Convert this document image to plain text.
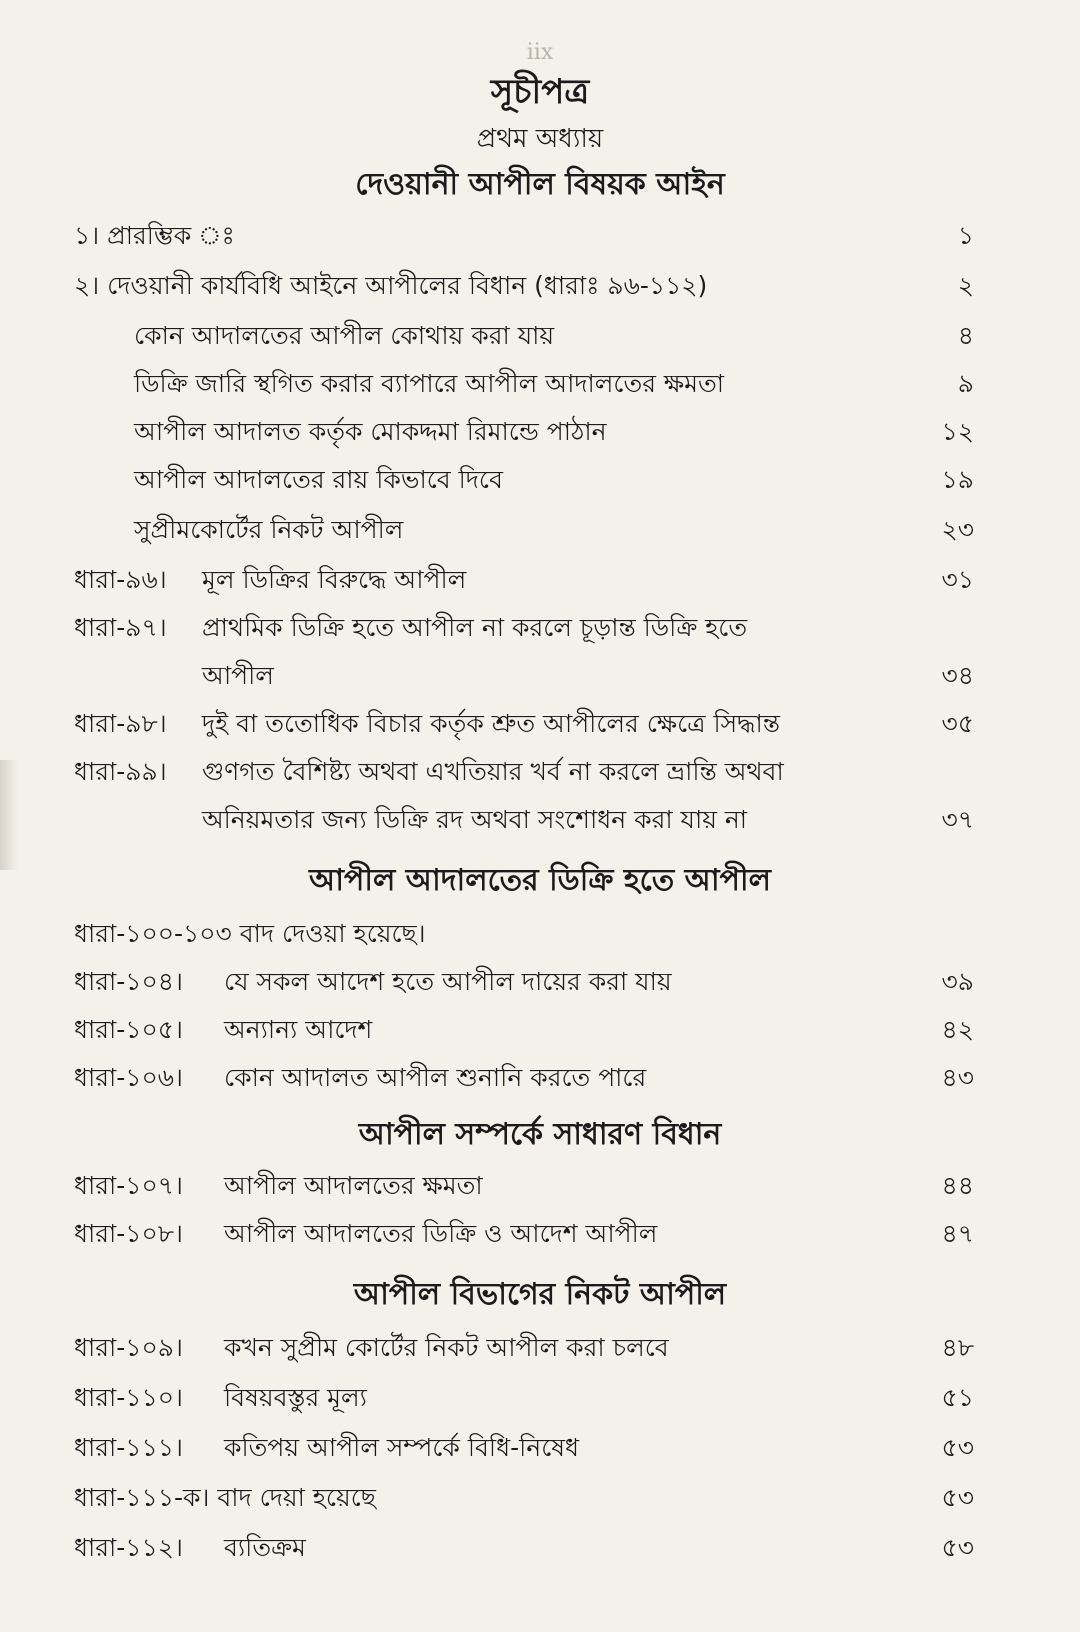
iix
সূচীপত্র
প্রথম অধ্যায়
দেওয়ানী আপীল বিষয়ক আইন
১। প্রারম্ভিক ঃ	১
২। দেওয়ানী কার্যবিধি আইনে আপীলের বিধান (ধারাঃ ৯৬-১১২)	২
কোন আদালতের আপীল কোথায় করা যায়	৪
ডিক্রি জারি স্থগিত করার ব্যাপারে আপীল আদালতের ক্ষমতা	৯
আপীল আদালত কর্তৃক মোকদ্দমা রিমান্ডে পাঠান	১২
আপীল আদালতের রায় কিভাবে দিবে	১৯
সুপ্রীমকোর্টের নিকট আপীল	২৩
ধারা-৯৬। মূল ডিক্রির বিরুদ্ধে আপীল	৩১
ধারা-৯৭। প্রাথমিক ডিক্রি হতে আপীল না করলে চূড়ান্ত ডিক্রি হতে
আপীল	৩৪
ধারা-৯৮। দুই বা ততোধিক বিচার কর্তৃক শ্রুত আপীলের ক্ষেত্রে সিদ্ধান্ত	৩৫
ধারা-৯৯। গুণগত বৈশিষ্ট্য অথবা এখতিয়ার খর্ব না করলে ভ্রান্তি অথবা
অনিয়মতার জন্য ডিক্রি রদ অথবা সংশোধন করা যায় না	৩৭
আপীল আদালতের ডিক্রি হতে আপীল
ধারা-১০০-১০৩ বাদ দেওয়া হয়েছে।
ধারা-১০৪। যে সকল আদেশ হতে আপীল দায়ের করা যায়	৩৯
ধারা-১০৫। অন্যান্য আদেশ	৪২
ধারা-১০৬। কোন আদালত আপীল শুনানি করতে পারে	৪৩
আপীল সম্পর্কে সাধারণ বিধান
ধারা-১০৭। আপীল আদালতের ক্ষমতা	৪৪
ধারা-১০৮। আপীল আদালতের ডিক্রি ও আদেশ আপীল	৪৭
আপীল বিভাগের নিকট আপীল
ধারা-১০৯। কখন সুপ্রীম কোর্টের নিকট আপীল করা চলবে	৪৮
ধারা-১১০। বিষয়বস্তুর মূল্য	৫১
ধারা-১১১। কতিপয় আপীল সম্পর্কে বিধি-নিষেধ	৫৩
ধারা-১১১-ক। বাদ দেয়া হয়েছে	৫৩
ধারা-১১২। ব্যতিক্রম	৫৩
